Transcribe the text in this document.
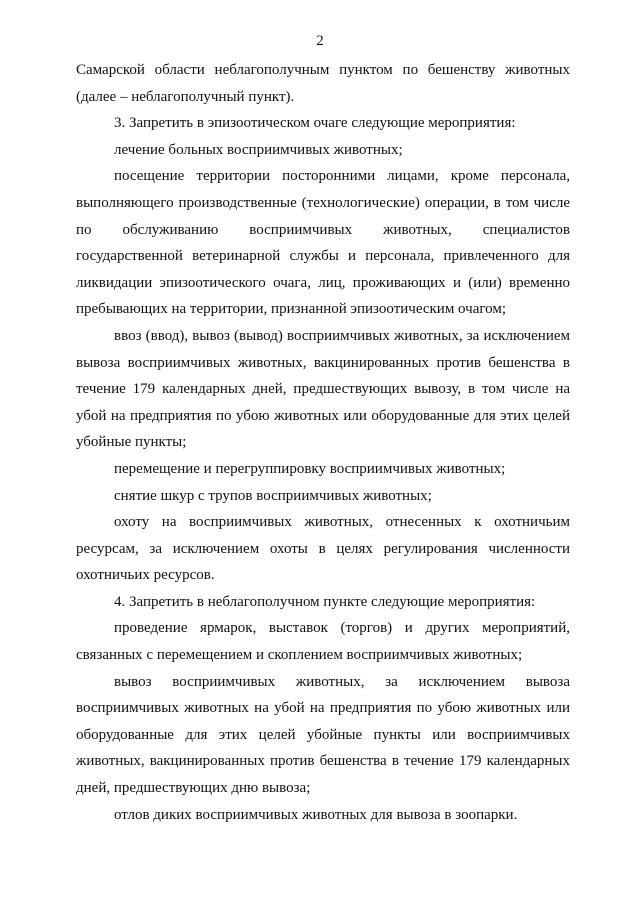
2

Самарской области неблагополучным пунктом по бешенству животных (далее – неблагополучный пункт).

3. Запретить в эпизоотическом очаге следующие мероприятия:

лечение больных восприимчивых животных;

посещение территории посторонними лицами, кроме персонала, выполняющего производственные (технологические) операции, в том числе по обслуживанию восприимчивых животных, специалистов государственной ветеринарной службы и персонала, привлеченного для ликвидации эпизоотического очага, лиц, проживающих и (или) временно пребывающих на территории, признанной эпизоотическим очагом;

ввоз (ввод), вывоз (вывод) восприимчивых животных, за исключением вывоза восприимчивых животных, вакцинированных против бешенства в течение 179 календарных дней, предшествующих вывозу, в том числе на убой на предприятия по убою животных или оборудованные для этих целей убойные пункты;

перемещение и перегруппировку восприимчивых животных;

снятие шкур с трупов восприимчивых животных;

охоту на восприимчивых животных, отнесенных к охотничьим ресурсам, за исключением охоты в целях регулирования численности охотничьих ресурсов.

4. Запретить в неблагополучном пункте следующие мероприятия:

проведение ярмарок, выставок (торгов) и других мероприятий, связанных с перемещением и скоплением восприимчивых животных;

вывоз восприимчивых животных, за исключением вывоза восприимчивых животных на убой на предприятия по убою животных или оборудованные для этих целей убойные пункты или восприимчивых животных, вакцинированных против бешенства в течение 179 календарных дней, предшествующих дню вывоза;

отлов диких восприимчивых животных для вывоза в зоопарки.
